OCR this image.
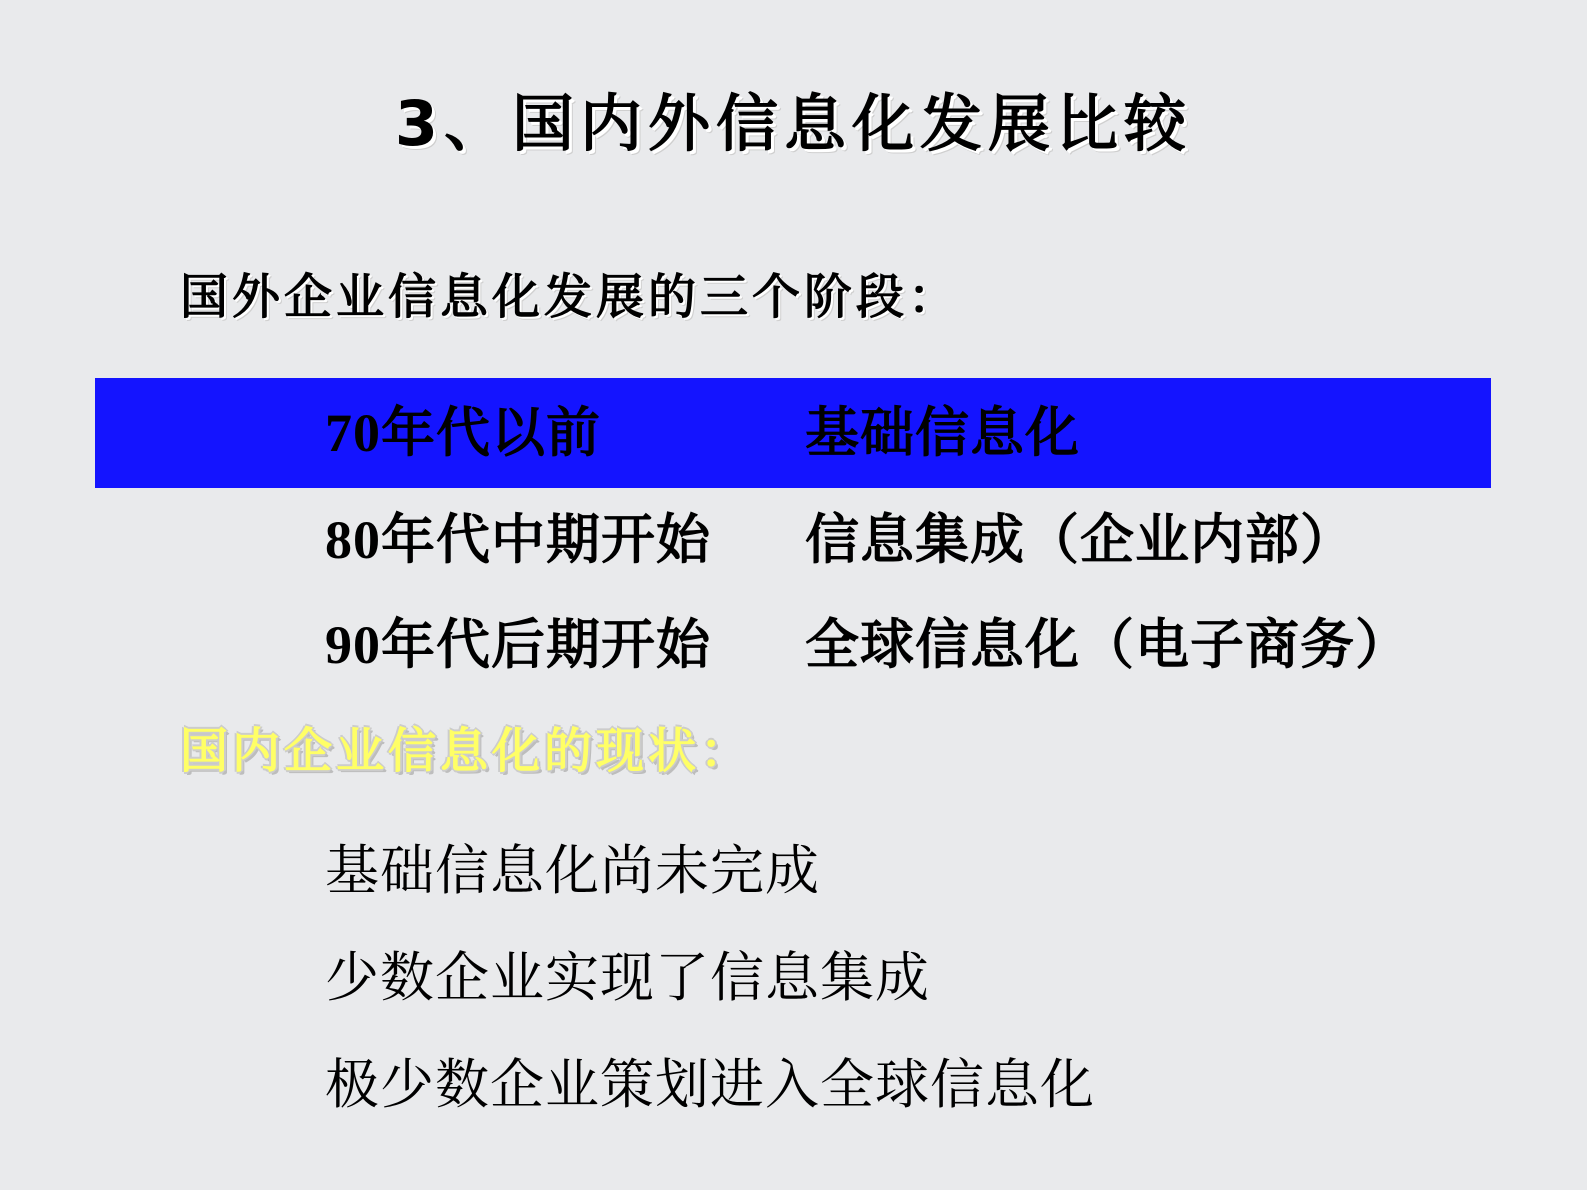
3、国内外信息化发展比较
国外企业信息化发展的三个阶段：
70年代以前	基础信息化
80年代中期开始 信息集成（企业内部）
90年代后期开始 全球信息化（电子商务）
国内企业信息化的现状：
基础信息化尚未完成
少数企业实现了信息集成
极少数企业策划进入全球信息化
